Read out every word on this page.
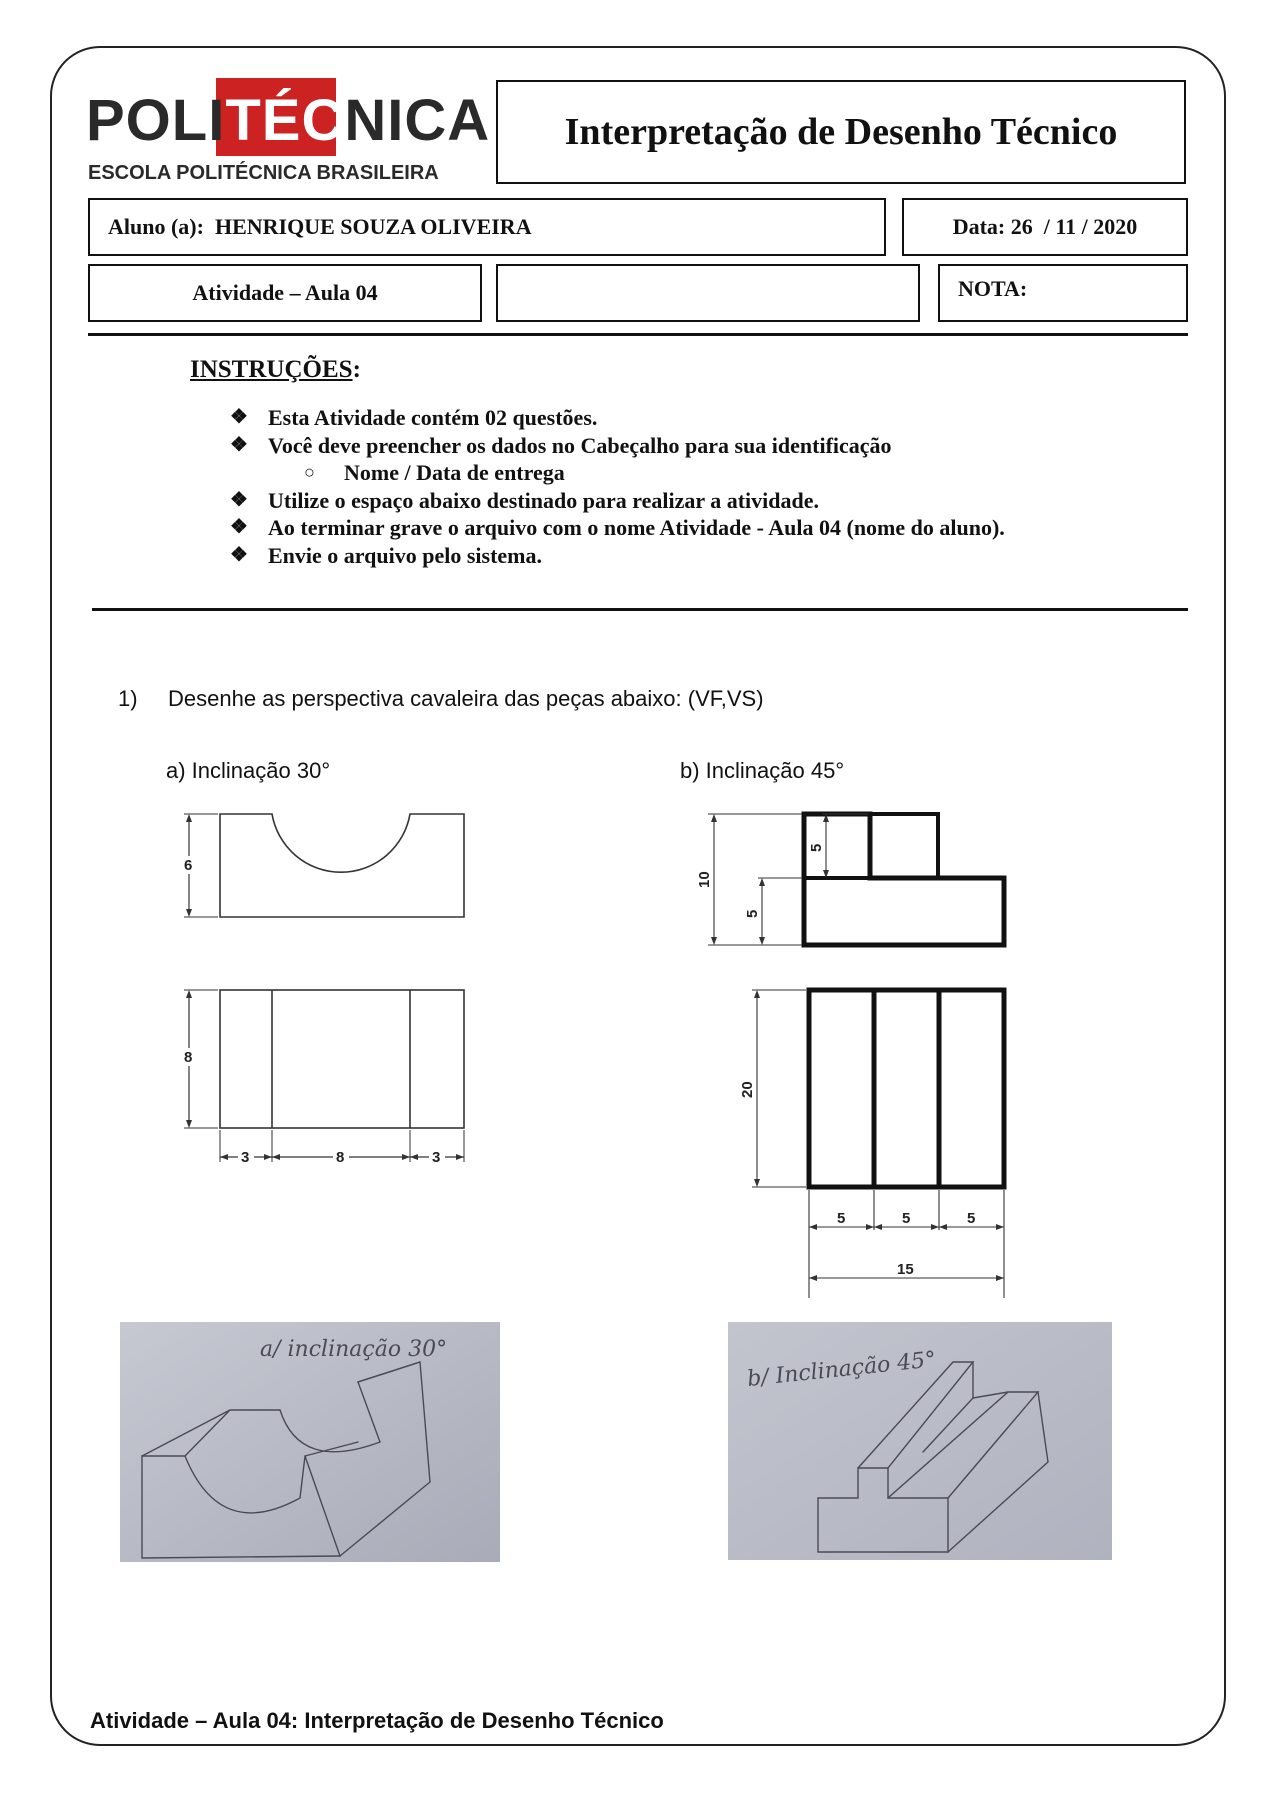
POLITÉCNICA
ESCOLA POLITÉCNICA BRASILEIRA
Interpretação de Desenho Técnico
Aluno (a):
HENRIQUE SOUZA OLIVEIRA	Data:
26  / 11 / 2020
Atividade – Aula 04	NOTA:
INSTRUÇÕES:
❖ Esta Atividade contém 02 questões.
❖ Você deve preencher os dados no Cabeçalho para sua identificação
○	Nome / Data de entrega
❖ Utilize o espaço abaixo destinado para realizar a atividade.
❖ Ao terminar grave o arquivo com o nome Atividade - Aula 04 (nome do aluno).
❖ Envie o arquivo pelo sistema.
1) Desenhe as perspectiva cavaleira das peças abaixo: (VF,VS)
a) Inclinação 30°	b) Inclinação 45°
6
8
3	8	3
10
5
5
20
5	5	5
15
a/ inclinação 30°	b/ Inclinação 45°
Atividade – Aula 04: Interpretação de Desenho Técnico
